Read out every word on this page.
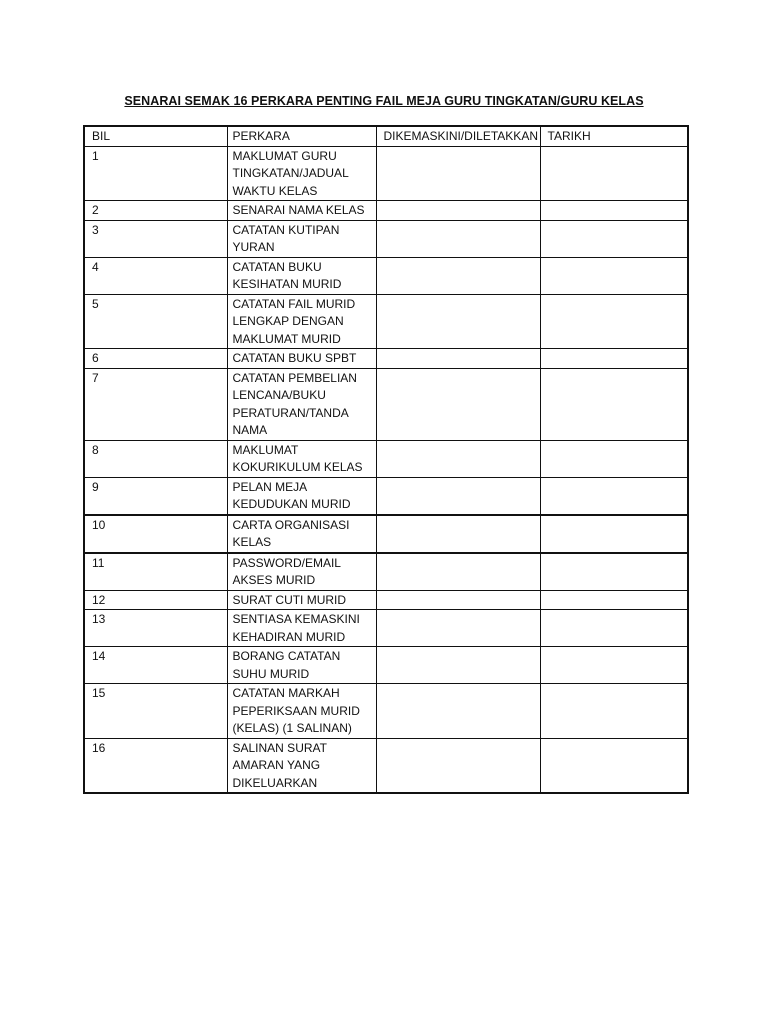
SENARAI SEMAK 16 PERKARA PENTING FAIL MEJA GURU TINGKATAN/GURU KELAS
BIL	PERKARA	DIKEMASKINI/DILETAKKAN	TARIKH
1	MAKLUMAT GURU
TINGKATAN/JADUAL
WAKTU KELAS		
2	SENARAI NAMA KELAS		
3	CATATAN KUTIPAN
YURAN		
4	CATATAN BUKU
KESIHATAN MURID		
5	CATATAN FAIL MURID
LENGKAP DENGAN
MAKLUMAT MURID		
6	CATATAN BUKU SPBT		
7	CATATAN PEMBELIAN
LENCANA/BUKU
PERATURAN/TANDA
NAMA		
8	MAKLUMAT
KOKURIKULUM KELAS		
9	PELAN MEJA
KEDUDUKAN MURID		
10	CARTA ORGANISASI
KELAS		
11	PASSWORD/EMAIL
AKSES MURID		
12	SURAT CUTI MURID		
13	SENTIASA KEMASKINI
KEHADIRAN MURID		
14	BORANG CATATAN
SUHU MURID		
15	CATATAN MARKAH
PEPERIKSAAN MURID
(KELAS) (1 SALINAN)		
16	SALINAN SURAT
AMARAN YANG
DIKELUARKAN		
